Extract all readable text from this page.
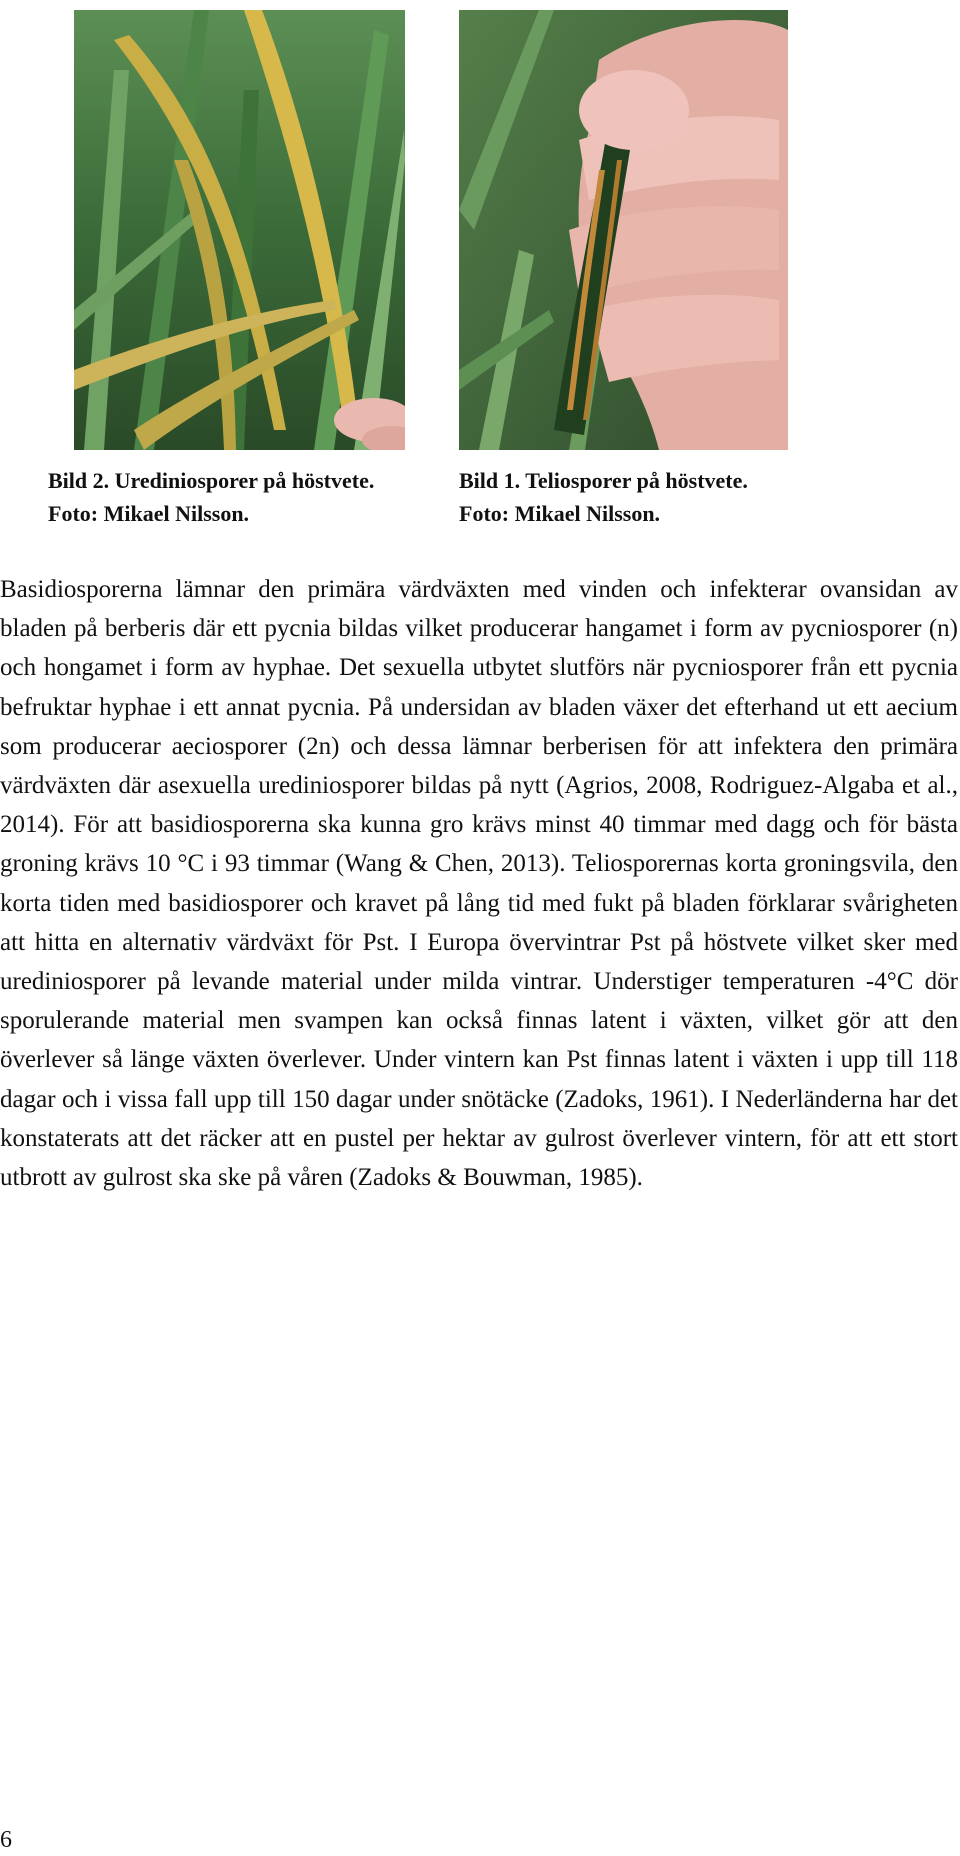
Bild 2. Urediniosporer på höstvete.
Foto: Mikael Nilsson.
Bild 1. Teliosporer på höstvete.
Foto: Mikael Nilsson.

Basidiosporerna lämnar den primära värdväxten med vinden och infekterar ovansidan av bladen på berberis där ett pycnia bildas vilket producerar hangamet i form av pycniosporer (n) och hongamet i form av hyphae. Det sexuella utbytet slutförs när pycniosporer från ett pycnia befruktar hyphae i ett annat pycnia. På undersidan av bladen växer det efterhand ut ett aecium som producerar aeciosporer (2n) och dessa lämnar berberisen för att infektera den primära värdväxten där asexuella urediniosporer bildas på nytt (Agrios, 2008, Rodriguez-Algaba et al., 2014). För att basidiosporerna ska kunna gro krävs minst 40 timmar med dagg och för bästa groning krävs 10 °C i 93 timmar (Wang & Chen, 2013). Teliosporernas korta groningsvila, den korta tiden med basidiosporer och kravet på lång tid med fukt på bladen förklarar svårigheten att hitta en alternativ värdväxt för Pst. I Europa övervintrar Pst på höstvete vilket sker med urediniosporer på levande material under milda vintrar. Understiger temperaturen -4°C dör sporulerande material men svampen kan också finnas latent i växten, vilket gör att den överlever så länge växten överlever. Under vintern kan Pst finnas latent i växten i upp till 118 dagar och i vissa fall upp till 150 dagar under snötäcke (Zadoks, 1961). I Nederländerna har det konstaterats att det räcker att en pustel per hektar av gulrost överlever vintern, för att ett stort utbrott av gulrost ska ske på våren (Zadoks & Bouwman, 1985).

6
